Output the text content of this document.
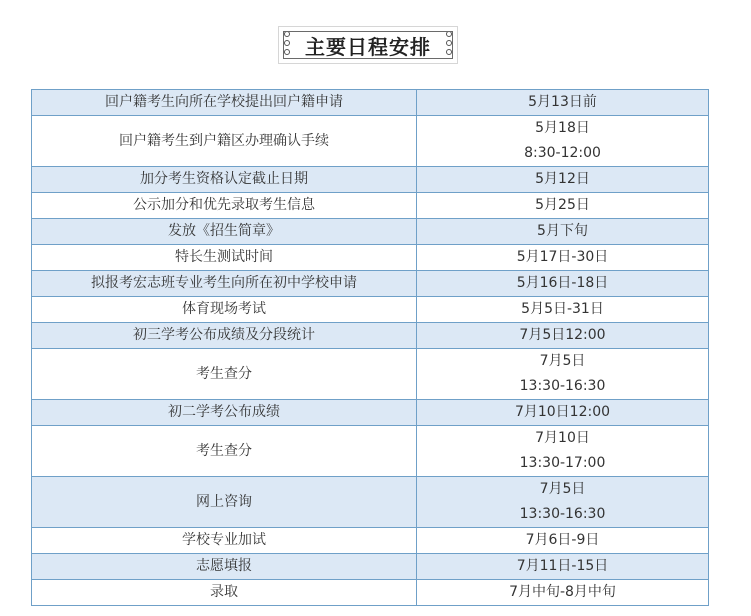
主要日程安排
回户籍考生向所在学校提出回户籍申请	5月13日前

回户籍考生到户籍区办理确认手续	5月18日
8:30-12:00

加分考生资格认定截止日期	5月12日

公示加分和优先录取考生信息	5月25日

发放《招生简章》	5月下旬

特长生测试时间	5月17日-30日

拟报考宏志班专业考生向所在初中学校申请	5月16日-18日

体育现场考试	5月5日-31日

初三学考公布成绩及分段统计	7月5日12:00

考生查分	7月5日
13:30-16:30

初二学考公布成绩	7月10日12:00

考生查分	7月10日
13:30-17:00

网上咨询	7月5日
13:30-16:30

学校专业加试	7月6日-9日

志愿填报	7月11日-15日

录取	7月中旬-8月中旬
